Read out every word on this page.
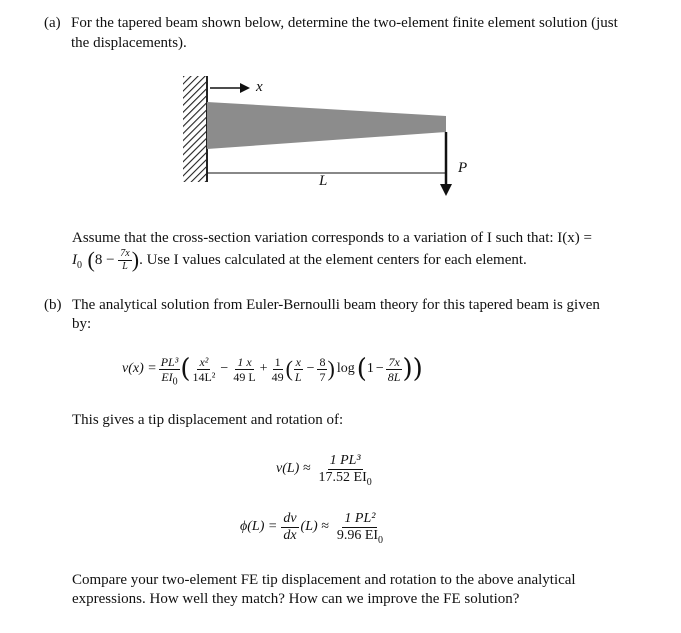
(a) For the tapered beam shown below, determine the two-element finite element solution (just
the displacements).
x
L
P
Assume that the cross-section variation corresponds to a variation of I such that: I(x) =
$I_0$ ( 8
−
$\frac{7x}{L}$ ) . Use I values calculated at the element centers for each element.
(b) The analytical solution from Euler-Bernoulli beam theory for this tapered beam is given
by:
$v(x) = \frac{\text{PL³}}{EI_0}$ ( $\frac{\text{x²}}{\text{14L²}} - \frac{1 x}{49 L} + \frac{1}{49}$ ( $\frac{x}{L} - \frac{8}{7}$ ) log ( $1 - \frac{7x}{8L}$ ))
This gives a tip displacement and rotation of:
$v(L) \approx \frac{\text{1 PL³}}{17.52 EI_0}$
$\phi(L) = \frac{dv}{dx} (L) \approx \frac{\text{1 PL²}}{9.96 EI_0}$
Compare your two-element FE tip displacement and rotation to the above analytical
expressions. How well they match? How can we improve the FE solution?
